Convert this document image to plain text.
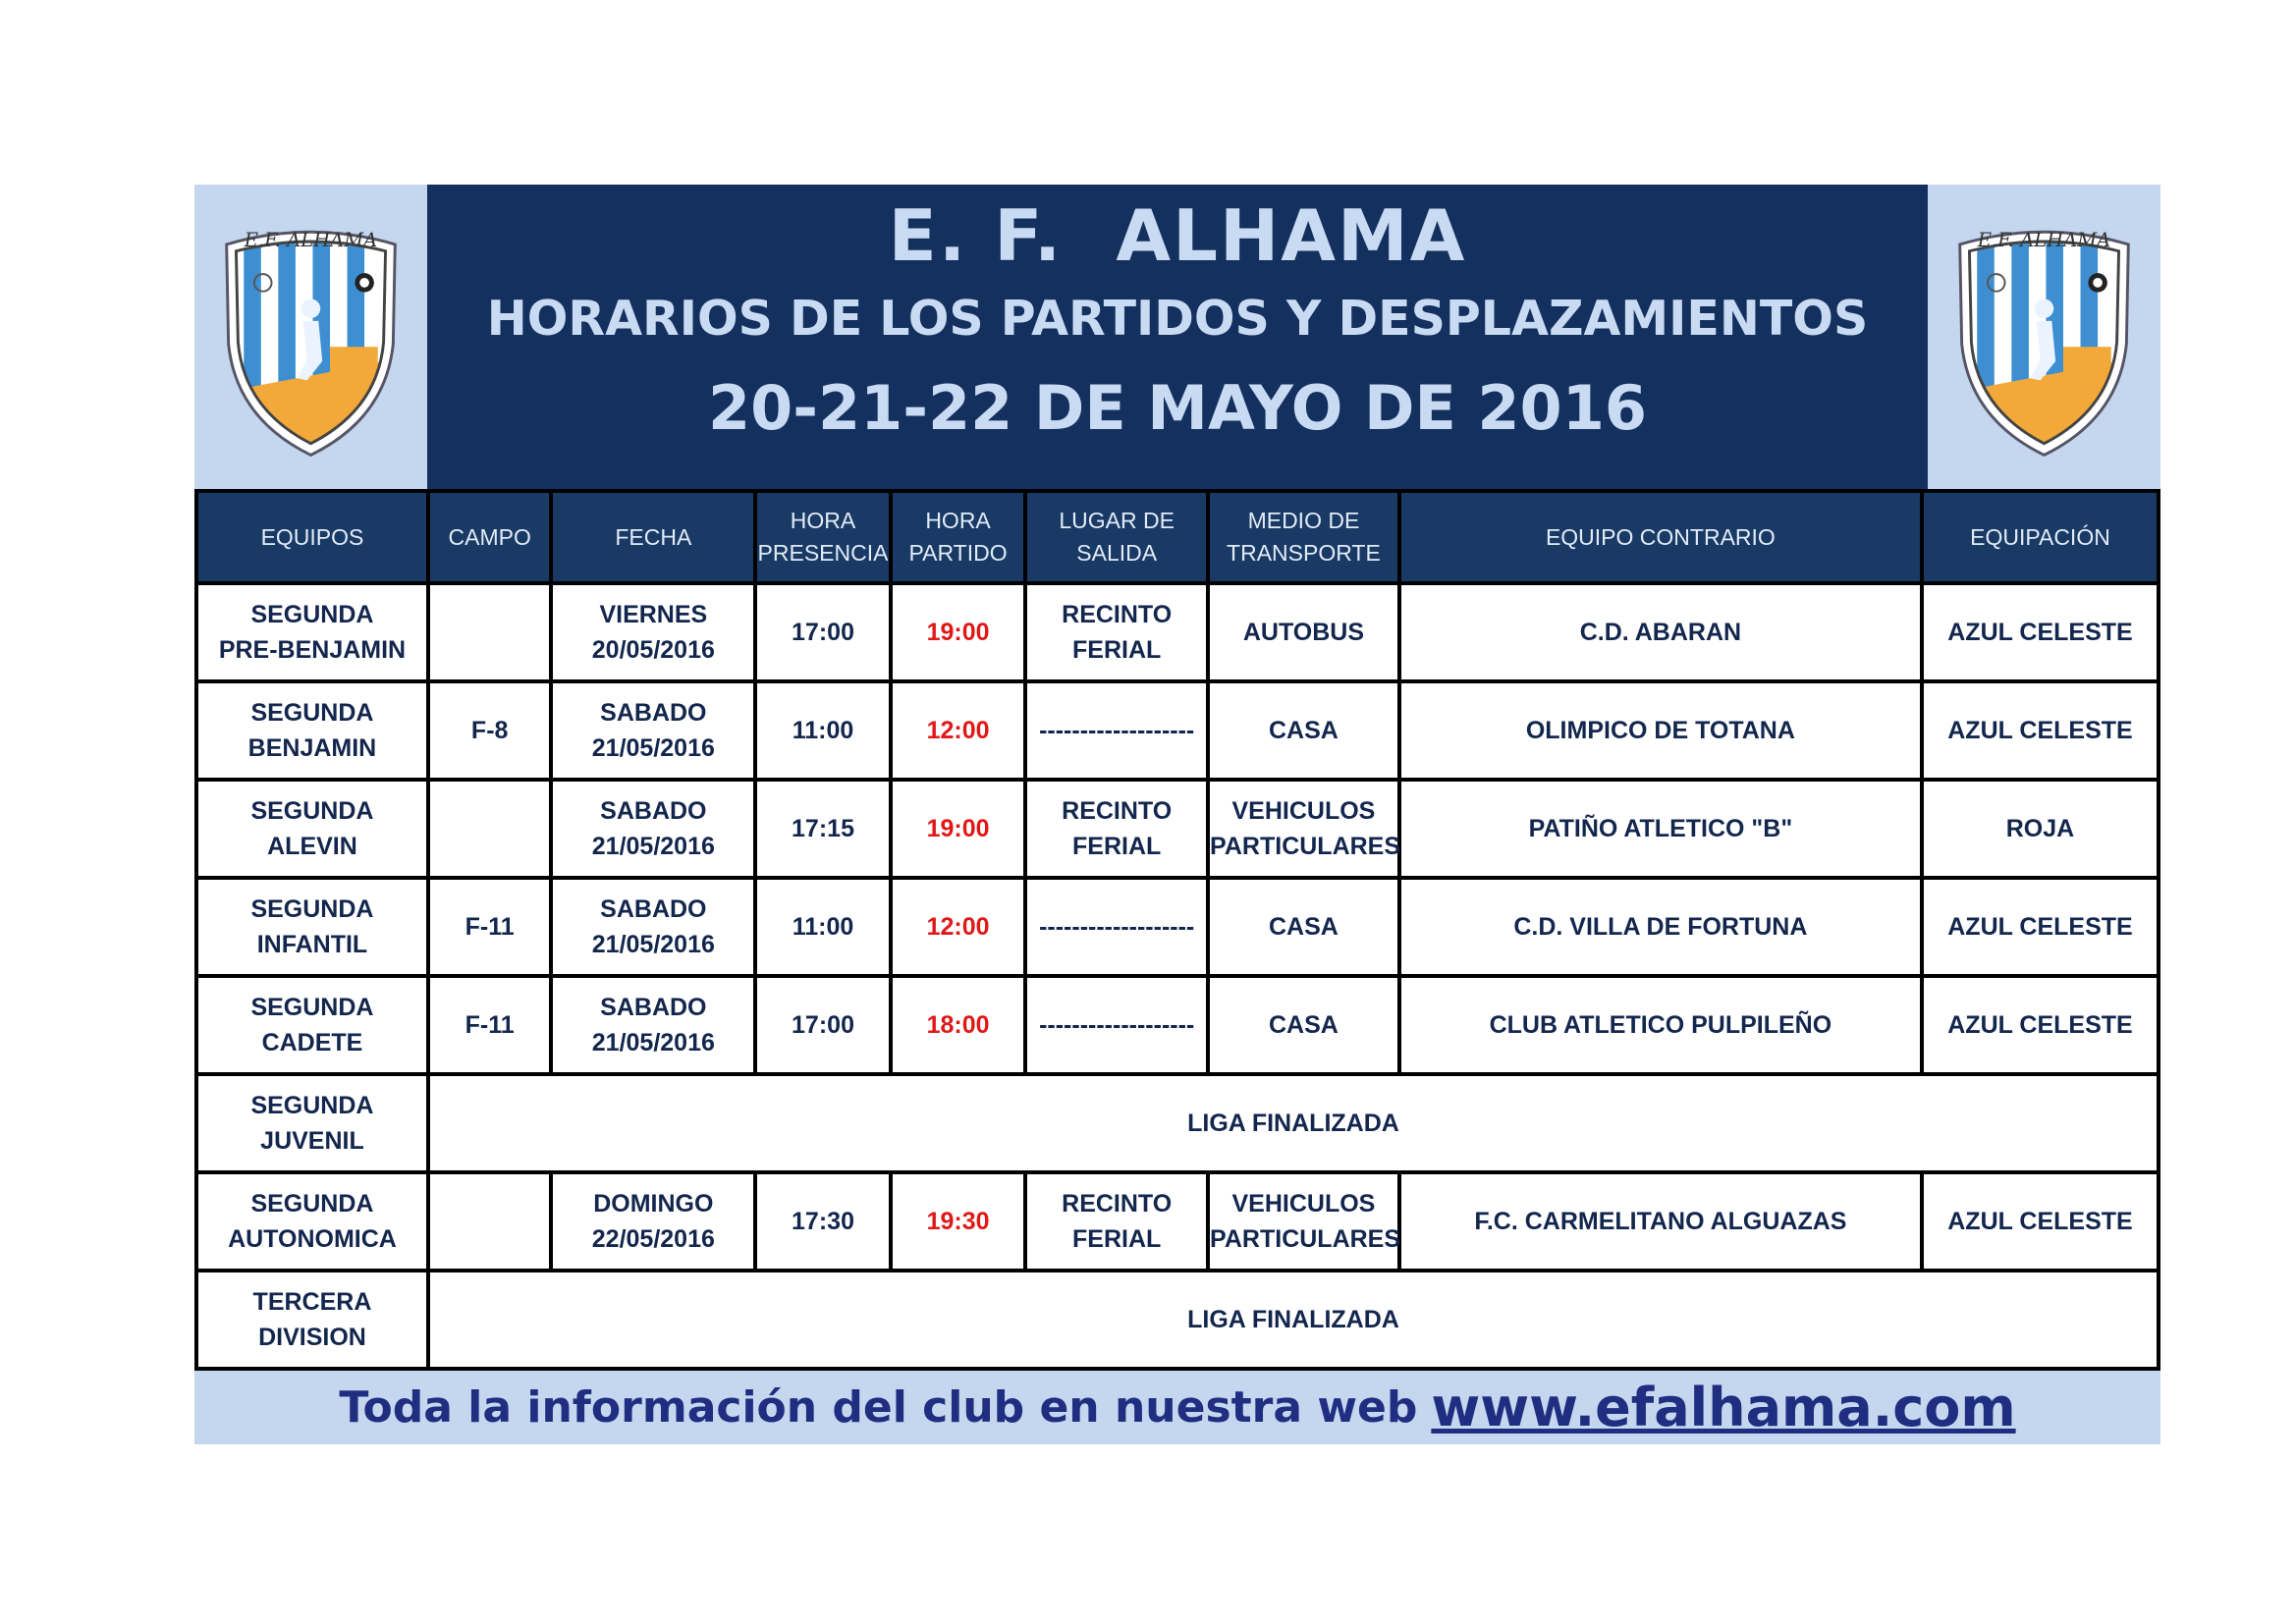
E.F. ALHAMA	E. F.  ALHAMA
HORARIOS DE LOS PARTIDOS Y DESPLAZAMIENTOS
20-21-22 DE MAYO DE 2016
E.F. ALHAMA
EQUIPOS	CAMPO	FECHA	HORA
PRESENCIA	HORA
PARTIDO	LUGAR DE
SALIDA	MEDIO DE
TRANSPORTE	EQUIPO CONTRARIO	EQUIPACIÓN
SEGUNDA
PRE-BENJAMIN		VIERNES
20/05/2016	17:00	19:00	RECINTO
FERIAL	AUTOBUS	C.D. ABARAN	AZUL CELESTE
SEGUNDA
BENJAMIN	F-8	SABADO
21/05/2016	11:00	12:00	-------------------	CASA	OLIMPICO DE TOTANA	AZUL CELESTE
SEGUNDA
ALEVIN		SABADO
21/05/2016	17:15	19:00	RECINTO
FERIAL	VEHICULOS
PARTICULARES	PATIÑO ATLETICO "B"	ROJA
SEGUNDA
INFANTIL	F-11	SABADO
21/05/2016	11:00	12:00	-------------------	CASA	C.D. VILLA DE FORTUNA	AZUL CELESTE
SEGUNDA
CADETE	F-11	SABADO
21/05/2016	17:00	18:00	-------------------	CASA	CLUB ATLETICO PULPILEÑO	AZUL CELESTE
SEGUNDA
JUVENIL	LIGA FINALIZADA							
SEGUNDA
AUTONOMICA		DOMINGO
22/05/2016	17:30	19:30	RECINTO
FERIAL	VEHICULOS
PARTICULARES	F.C. CARMELITANO ALGUAZAS	AZUL CELESTE
TERCERA
DIVISION	LIGA FINALIZADA							
Toda la información del club en nuestra web www.efalhama.com
